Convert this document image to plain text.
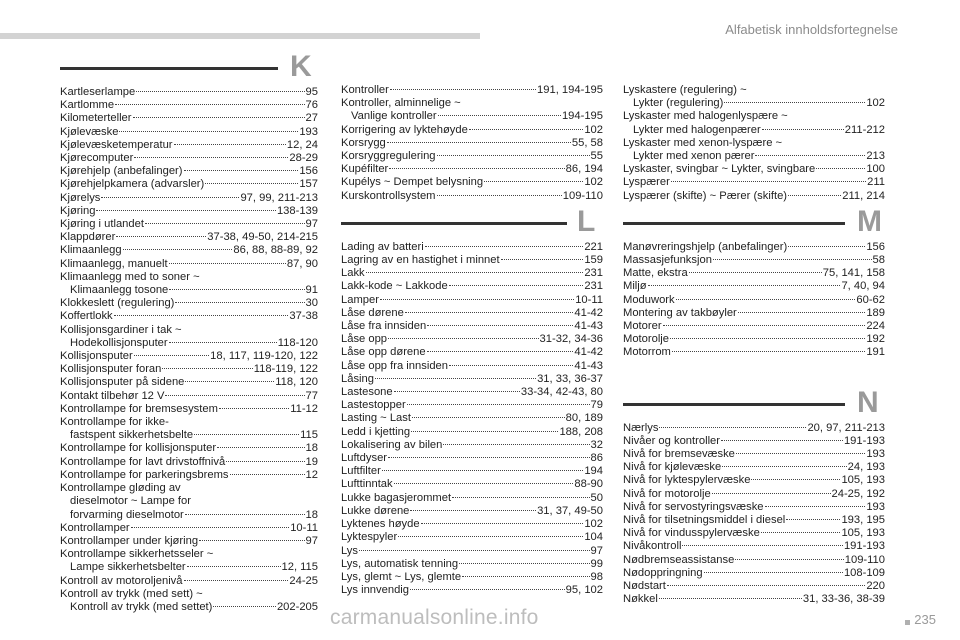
Alfabetisk innholdsfortegnelse
K
Kartleserlampe	95
Kartlomme	76
Kilometerteller	27
Kjølevæske	193
Kjølevæsketemperatur	12, 24
Kjørecomputer	28-29
Kjørehjelp (anbefalinger)	156
Kjørehjelpkamera (advarsler)	157
Kjørelys	97, 99, 211-213
Kjøring	138-139
Kjøring i utlandet	97
Klappdører	37-38, 49-50, 214-215
Klimaanlegg	86, 88, 88-89, 92
Klimaanlegg, manuelt	87, 90
Klimaanlegg med to soner ~
Klimaanlegg tosone	91
Klokkeslett (regulering)	30
Koffertlokk	37-38
Kollisjonsgardiner i tak ~
Hodekollisjonsputer	118-120
Kollisjonsputer	18, 117, 119-120, 122
Kollisjonsputer foran	118-119, 122
Kollisjonsputer på sidene	118, 120
Kontakt tilbehør 12 V	77
Kontrollampe for bremsesystem	11-12
Kontrollampe for ikke-
fastspent sikkerhetsbelte	115
Kontrollampe for kollisjonsputer	18
Kontrollampe for lavt drivstoffnivå	19
Kontrollampe for parkeringsbrems	12
Kontrollampe gløding av
dieselmotor ~ Lampe for
forvarming dieselmotor	18
Kontrollamper	10-11
Kontrollamper under kjøring	97
Kontrollampe sikkerhetsseler ~
Lampe sikkerhetsbelter	12, 115
Kontroll av motoroljenivå	24-25
Kontroll av trykk (med sett) ~
Kontroll av trykk (med settet)	202-205
Kontroller	191, 194-195
Kontroller, alminnelige ~
Vanlige kontroller	194-195
Korrigering av lyktehøyde	102
Korsrygg	55, 58
Korsryggregulering	55
Kupéfilter	86, 194
Kupélys ~ Dempet belysning	102
Kurskontrollsystem	109-110
L
Lading av batteri	221
Lagring av en hastighet i minnet	159
Lakk	231
Lakk-kode ~ Lakkode	231
Lamper	10-11
Låse dørene	41-42
Låse fra innsiden	41-43
Låse opp	31-32, 34-36
Låse opp dørene	41-42
Låse opp fra innsiden	41-43
Låsing	31, 33, 36-37
Lastesone	33-34, 42-43, 80
Lastestopper	79
Lasting ~ Last	80, 189
Ledd i kjetting	188, 208
Lokalisering av bilen	32
Luftdyser	86
Luftfilter	194
Lufttinntak	88-90
Lukke bagasjerommet	50
Lukke dørene	31, 37, 49-50
Lyktenes høyde	102
Lyktespyler	104
Lys	97
Lys, automatisk tenning	99
Lys, glemt ~ Lys, glemte	98
Lys innvendig	95, 102
Lyskastere (regulering) ~
Lykter (regulering)	102
Lyskaster med halogenlyspære ~
Lykter med halogenpærer	211-212
Lyskaster med xenon-lyspære ~
Lykter med xenon pærer	213
Lyskaster, svingbar ~ Lykter, svingbare	100
Lyspærer	211
Lyspærer (skifte) ~ Pærer (skifte)	211, 214
M
Manøvreringshjelp (anbefalinger)	156
Massasjefunksjon	58
Matte, ekstra	75, 141, 158
Miljø	7, 40, 94
Moduwork	60-62
Montering av takbøyler	189
Motorer	224
Motorolje	192
Motorrom	191
N
Nærlys	20, 97, 211-213
Nivåer og kontroller	191-193
Nivå for bremsevæske	193
Nivå for kjølevæske	24, 193
Nivå for lyktespylervæske	105, 193
Nivå for motorolje	24-25, 192
Nivå for servostyringsvæske	193
Nivå for tilsetningsmiddel i diesel	193, 195
Nivå for vindusspylervæske	105, 193
Nivåkontroll	191-193
Nødbremseassistanse	109-110
Nødoppringning	108-109
Nødstart	220
Nøkkel	31, 33-36, 38-39
carmanualsonline.info	235
